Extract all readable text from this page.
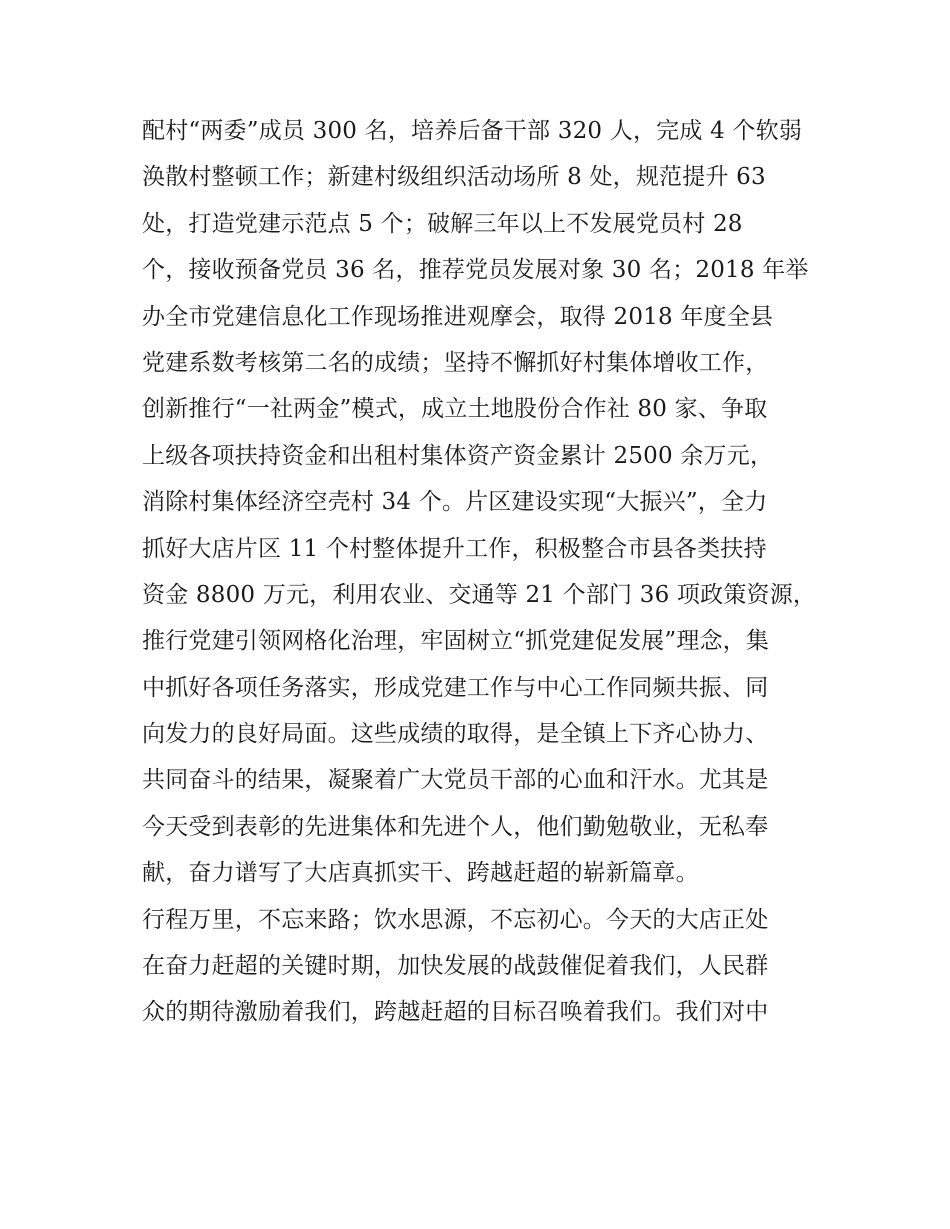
配村“两委”成员 300 名，培养后备干部 320 人，完成 4 个软弱
涣散村整顿工作；新建村级组织活动场所 8 处，规范提升 63
处，打造党建示范点 5 个；破解三年以上不发展党员村 28
个，接收预备党员 36 名，推荐党员发展对象 30 名；2018 年举
办全市党建信息化工作现场推进观摩会，取得 2018 年度全县
党建系数考核第二名的成绩；坚持不懈抓好村集体增收工作，
创新推行“一社两金”模式，成立土地股份合作社 80 家、争取
上级各项扶持资金和出租村集体资产资金累计 2500 余万元，
消除村集体经济空壳村 34 个。片区建设实现“大振兴”，全力
抓好大店片区 11 个村整体提升工作，积极整合市县各类扶持
资金 8800 万元，利用农业、交通等 21 个部门 36 项政策资源，
推行党建引领网格化治理，牢固树立“抓党建促发展”理念，集
中抓好各项任务落实，形成党建工作与中心工作同频共振、同
向发力的良好局面。这些成绩的取得，是全镇上下齐心协力、
共同奋斗的结果，凝聚着广大党员干部的心血和汗水。尤其是
今天受到表彰的先进集体和先进个人，他们勤勉敬业，无私奉
献，奋力谱写了大店真抓实干、跨越赶超的崭新篇章。
行程万里，不忘来路；饮水思源，不忘初心。今天的大店正处
在奋力赶超的关键时期，加快发展的战鼓催促着我们，人民群
众的期待激励着我们，跨越赶超的目标召唤着我们。我们对中
